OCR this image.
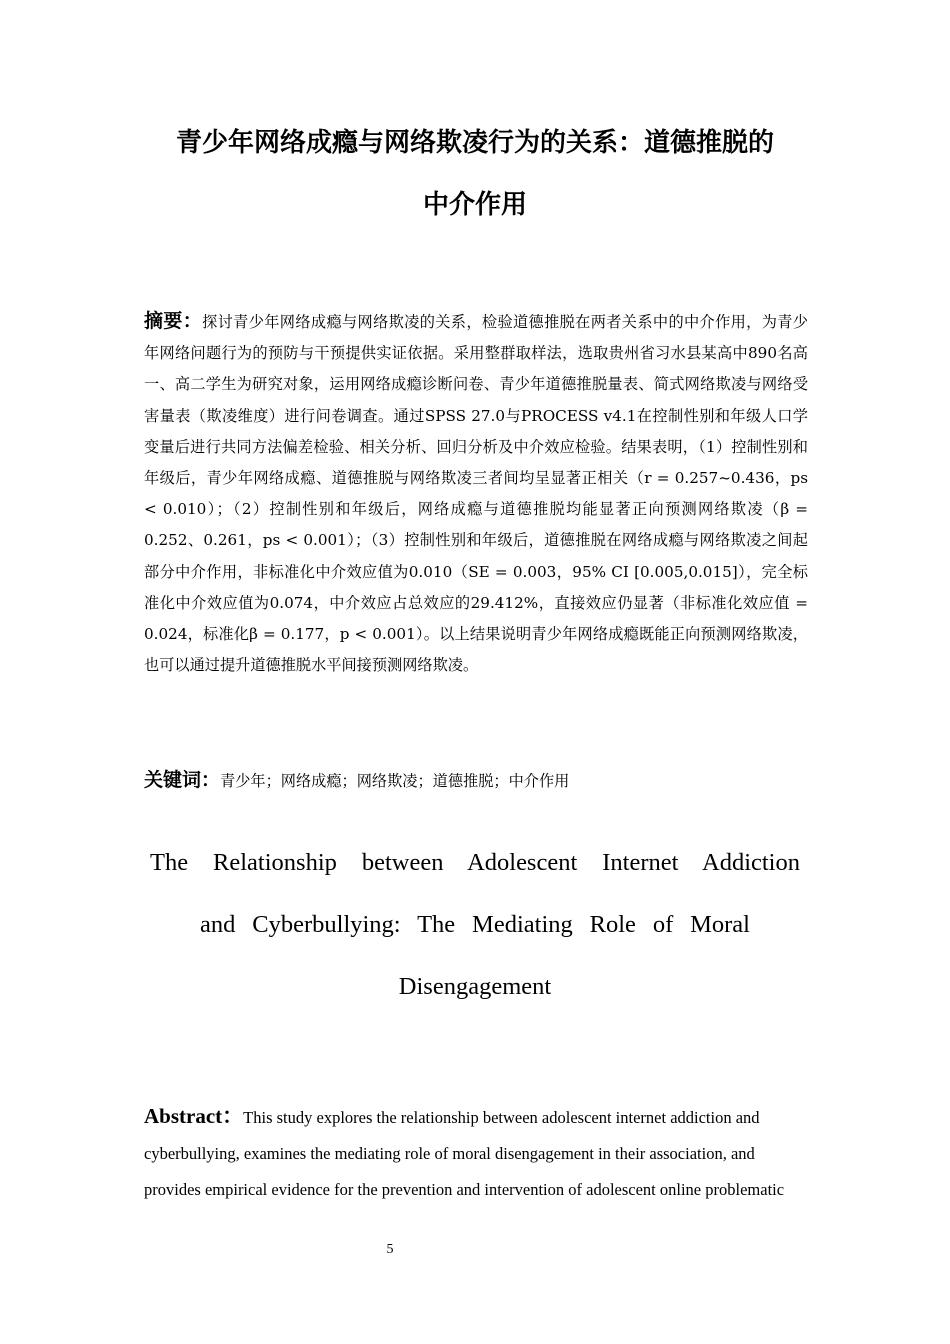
青少年网络成瘾与网络欺凌行为的关系：道德推脱的
中介作用
摘要：探讨青少年网络成瘾与网络欺凌的关系，检验道德推脱在两者关系中的中介作用，为青少年网络问题行为的预防与干预提供实证依据。采用整群取样法，选取贵州省习水县某高中890名高一、高二学生为研究对象，运用网络成瘾诊断问卷、青少年道德推脱量表、简式网络欺凌与网络受害量表（欺凌维度）进行问卷调查。通过SPSS 27.0与PROCESS v4.1在控制性别和年级人口学变量后进行共同方法偏差检验、相关分析、回归分析及中介效应检验。结果表明，（1）控制性别和年级后，青少年网络成瘾、道德推脱与网络欺凌三者间均呈显著正相关（r = 0.257~0.436，ps < 0.010）；（2）控制性别和年级后，网络成瘾与道德推脱均能显著正向预测网络欺凌（β = 0.252、0.261，ps < 0.001）；（3）控制性别和年级后，道德推脱在网络成瘾与网络欺凌之间起部分中介作用，非标准化中介效应值为0.010（SE = 0.003，95% CI [0.005,0.015]），完全标准化中介效应值为0.074，中介效应占总效应的29.412%，直接效应仍显著（非标准化效应值 = 0.024，标准化β = 0.177，p < 0.001）。以上结果说明青少年网络成瘾既能正向预测网络欺凌，也可以通过提升道德推脱水平间接预测网络欺凌。
关键词：青少年；网络成瘾；网络欺凌；道德推脱；中介作用
The Relationship between Adolescent Internet Addiction
and Cyberbullying: The Mediating Role of Moral
Disengagement
Abstract：This study explores the relationship between adolescent internet addiction and cyberbullying, examines the mediating role of moral disengagement in their association, and provides empirical evidence for the prevention and intervention of adolescent online problematic
5
